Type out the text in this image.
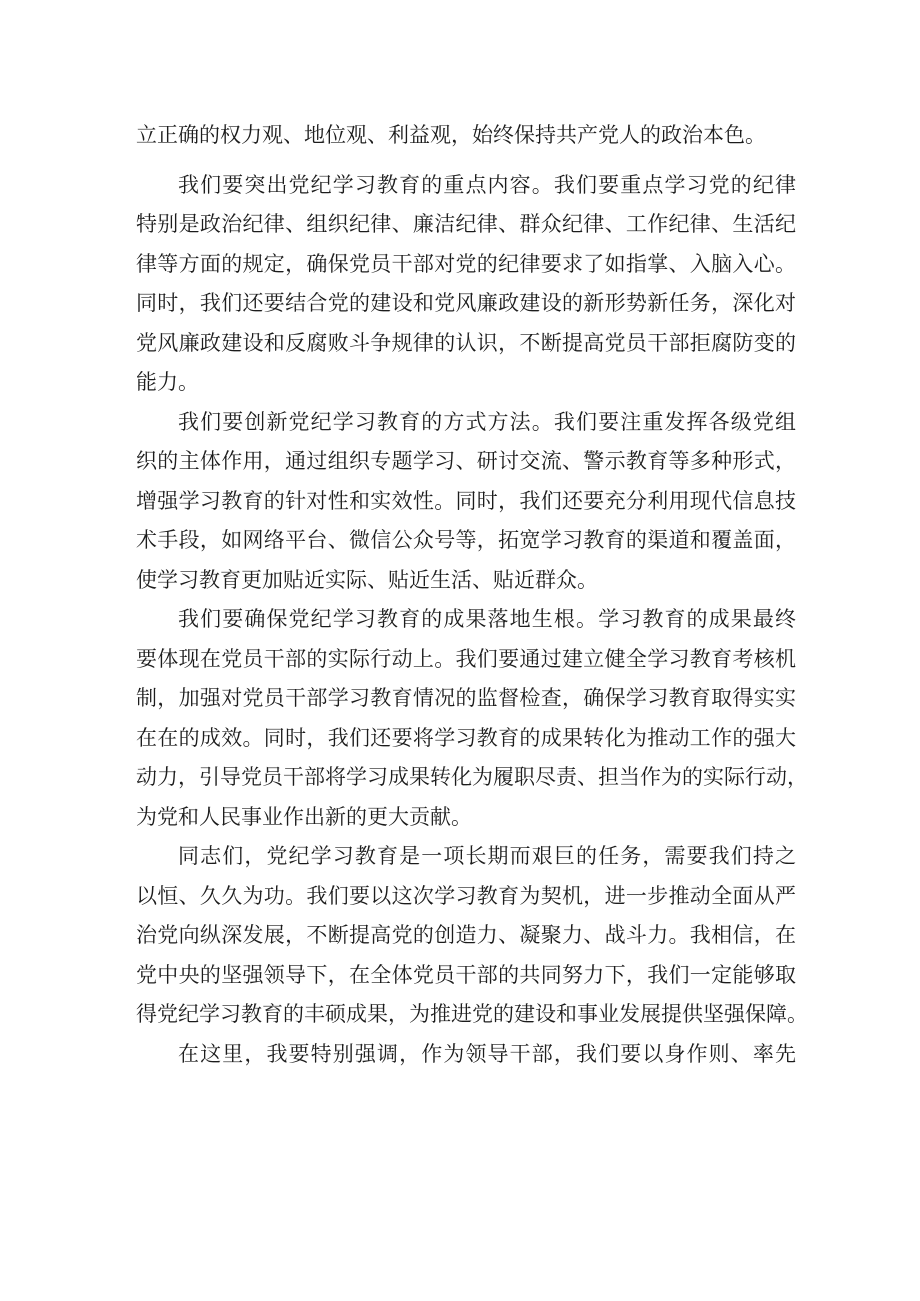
立正确的权力观、地位观、利益观，始终保持共产党人的政治本色。
我们要突出党纪学习教育的重点内容。我们要重点学习党的纪律
特别是政治纪律、组织纪律、廉洁纪律、群众纪律、工作纪律、生活纪
律等方面的规定，确保党员干部对党的纪律要求了如指掌、入脑入心。
同时，我们还要结合党的建设和党风廉政建设的新形势新任务，深化对
党风廉政建设和反腐败斗争规律的认识，不断提高党员干部拒腐防变的
能力。
我们要创新党纪学习教育的方式方法。我们要注重发挥各级党组
织的主体作用，通过组织专题学习、研讨交流、警示教育等多种形式，
增强学习教育的针对性和实效性。同时，我们还要充分利用现代信息技
术手段，如网络平台、微信公众号等，拓宽学习教育的渠道和覆盖面，
使学习教育更加贴近实际、贴近生活、贴近群众。
我们要确保党纪学习教育的成果落地生根。学习教育的成果最终
要体现在党员干部的实际行动上。我们要通过建立健全学习教育考核机
制，加强对党员干部学习教育情况的监督检查，确保学习教育取得实实
在在的成效。同时，我们还要将学习教育的成果转化为推动工作的强大
动力，引导党员干部将学习成果转化为履职尽责、担当作为的实际行动，
为党和人民事业作出新的更大贡献。
同志们，党纪学习教育是一项长期而艰巨的任务，需要我们持之
以恒、久久为功。我们要以这次学习教育为契机，进一步推动全面从严
治党向纵深发展，不断提高党的创造力、凝聚力、战斗力。我相信，在
党中央的坚强领导下，在全体党员干部的共同努力下，我们一定能够取
得党纪学习教育的丰硕成果，为推进党的建设和事业发展提供坚强保障。
在这里，我要特别强调，作为领导干部，我们要以身作则、率先
